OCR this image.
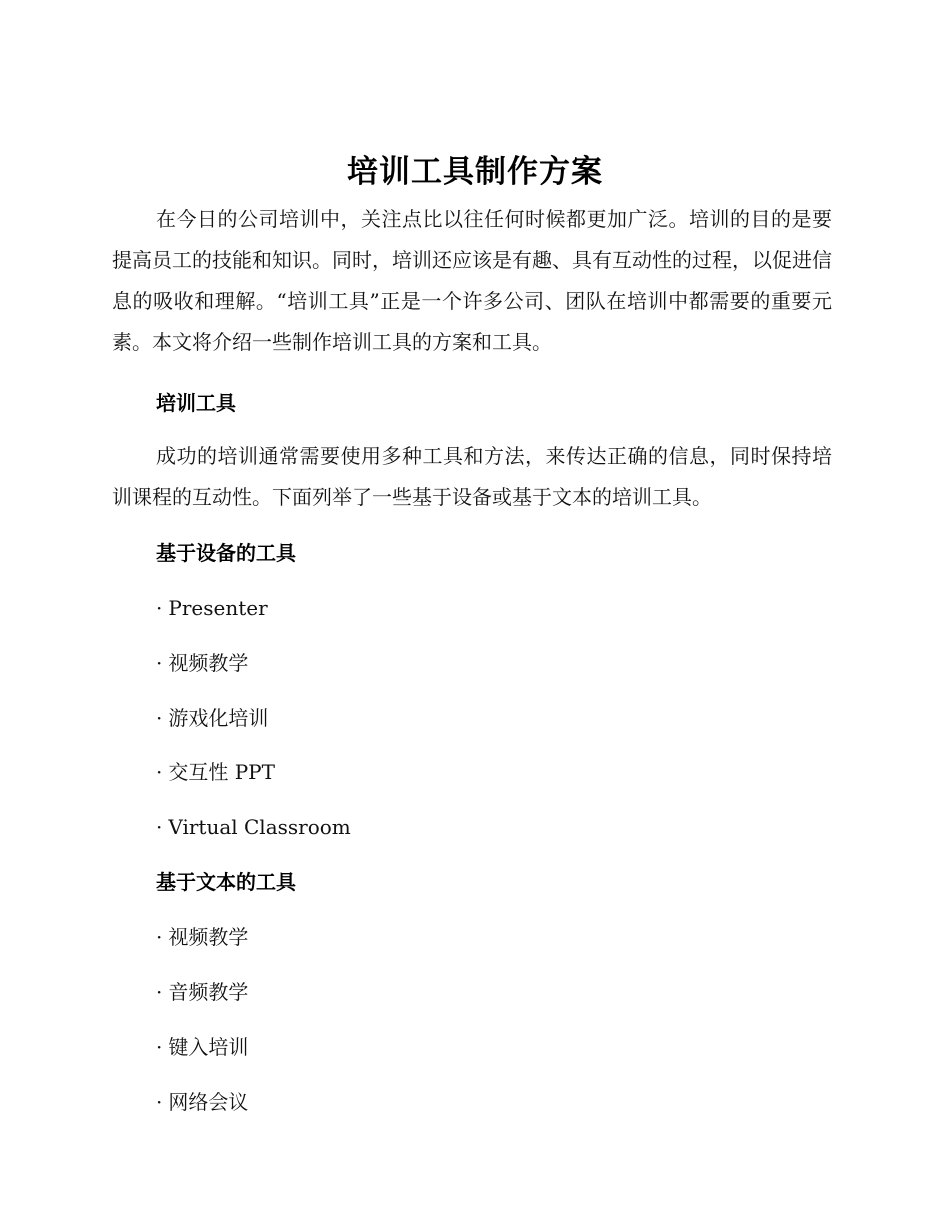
培训工具制作方案

在今日的公司培训中，关注点比以往任何时候都更加广泛。培训的目的是要提高员工的技能和知识。同时，培训还应该是有趣、具有互动性的过程，以促进信息的吸收和理解。“培训工具”正是一个许多公司、团队在培训中都需要的重要元素。本文将介绍一些制作培训工具的方案和工具。

培训工具

成功的培训通常需要使用多种工具和方法，来传达正确的信息，同时保持培训课程的互动性。下面列举了一些基于设备或基于文本的培训工具。

基于设备的工具
· Presenter
· 视频教学
· 游戏化培训
· 交互性 PPT
· Virtual Classroom
基于文本的工具
· 视频教学
· 音频教学
· 键入培训
· 网络会议
